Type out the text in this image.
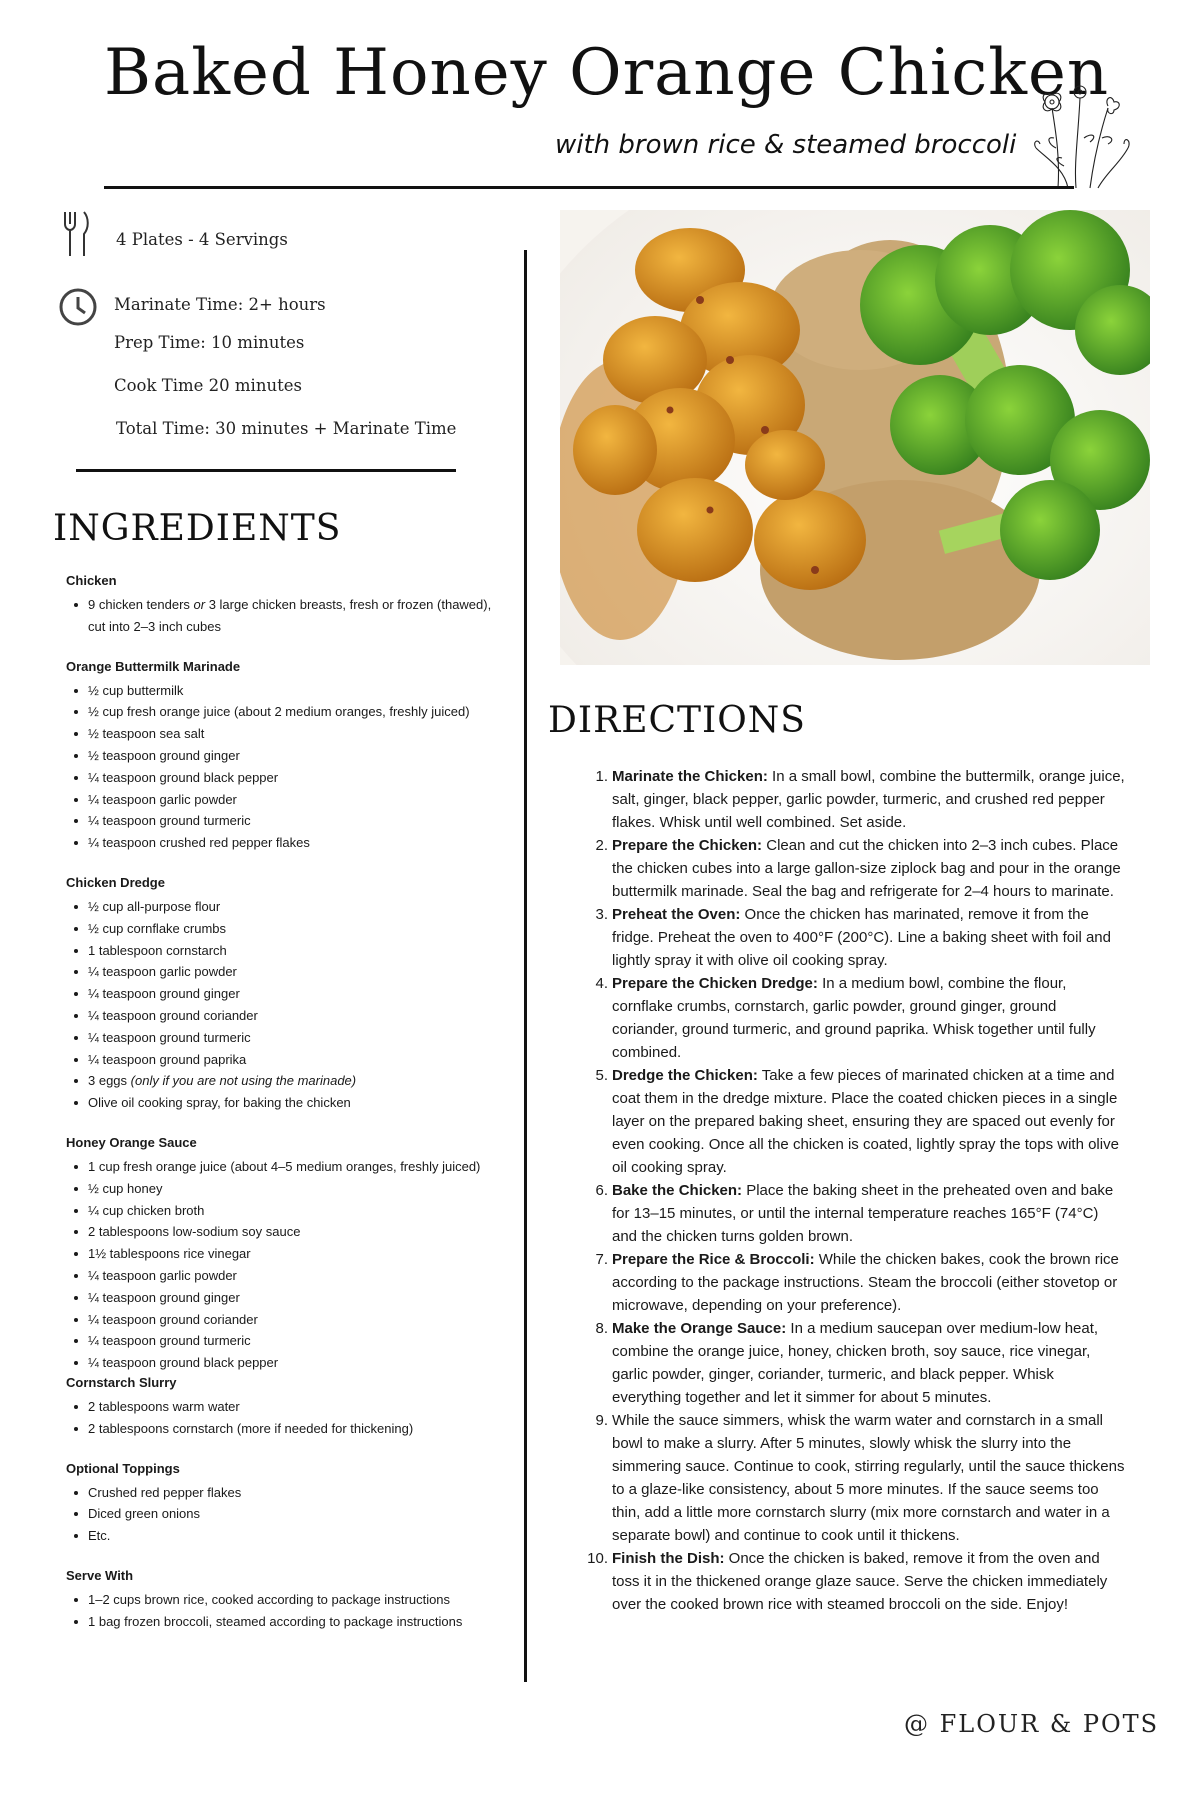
Baked Honey Orange Chicken
with brown rice & steamed broccoli
4 Plates - 4 Servings
Marinate Time: 2+ hours
Prep Time: 10 minutes
Cook Time 20 minutes
Total Time: 30 minutes + Marinate Time
INGREDIENTS
Chicken
9 chicken tenders or 3 large chicken breasts, fresh or frozen (thawed), cut into 2–3 inch cubes
Orange Buttermilk Marinade
½ cup buttermilk
½ cup fresh orange juice (about 2 medium oranges, freshly juiced)
½ teaspoon sea salt
½ teaspoon ground ginger
¼ teaspoon ground black pepper
¼ teaspoon garlic powder
¼ teaspoon ground turmeric
¼ teaspoon crushed red pepper flakes
Chicken Dredge
½ cup all-purpose flour
½ cup cornflake crumbs
1 tablespoon cornstarch
¼ teaspoon garlic powder
¼ teaspoon ground ginger
¼ teaspoon ground coriander
¼ teaspoon ground turmeric
¼ teaspoon ground paprika
3 eggs (only if you are not using the marinade)
Olive oil cooking spray, for baking the chicken
Honey Orange Sauce
1 cup fresh orange juice (about 4–5 medium oranges, freshly juiced)
½ cup honey
¼ cup chicken broth
2 tablespoons low-sodium soy sauce
1½ tablespoons rice vinegar
¼ teaspoon garlic powder
¼ teaspoon ground ginger
¼ teaspoon ground coriander
¼ teaspoon ground turmeric
¼ teaspoon ground black pepper
Cornstarch Slurry
2 tablespoons warm water
2 tablespoons cornstarch (more if needed for thickening)
Optional Toppings
Crushed red pepper flakes
Diced green onions
Etc.
Serve With
1–2 cups brown rice, cooked according to package instructions
1 bag frozen broccoli, steamed according to package instructions
DIRECTIONS
1. Marinate the Chicken: In a small bowl, combine the buttermilk, orange juice, salt, ginger, black pepper, garlic powder, turmeric, and crushed red pepper flakes. Whisk until well combined. Set aside.
2. Prepare the Chicken: Clean and cut the chicken into 2–3 inch cubes. Place the chicken cubes into a large gallon-size ziplock bag and pour in the orange buttermilk marinade. Seal the bag and refrigerate for 2–4 hours to marinate.
3. Preheat the Oven: Once the chicken has marinated, remove it from the fridge. Preheat the oven to 400°F (200°C). Line a baking sheet with foil and lightly spray it with olive oil cooking spray.
4. Prepare the Chicken Dredge: In a medium bowl, combine the flour, cornflake crumbs, cornstarch, garlic powder, ground ginger, ground coriander, ground turmeric, and ground paprika. Whisk together until fully combined.
5. Dredge the Chicken: Take a few pieces of marinated chicken at a time and coat them in the dredge mixture. Place the coated chicken pieces in a single layer on the prepared baking sheet, ensuring they are spaced out evenly for even cooking. Once all the chicken is coated, lightly spray the tops with olive oil cooking spray.
6. Bake the Chicken: Place the baking sheet in the preheated oven and bake for 13–15 minutes, or until the internal temperature reaches 165°F (74°C) and the chicken turns golden brown.
7. Prepare the Rice & Broccoli: While the chicken bakes, cook the brown rice according to the package instructions. Steam the broccoli (either stovetop or microwave, depending on your preference).
8. Make the Orange Sauce: In a medium saucepan over medium-low heat, combine the orange juice, honey, chicken broth, soy sauce, rice vinegar, garlic powder, ginger, coriander, turmeric, and black pepper. Whisk everything together and let it simmer for about 5 minutes.
9. While the sauce simmers, whisk the warm water and cornstarch in a small bowl to make a slurry. After 5 minutes, slowly whisk the slurry into the simmering sauce. Continue to cook, stirring regularly, until the sauce thickens to a glaze-like consistency, about 5 more minutes. If the sauce seems too thin, add a little more cornstarch slurry (mix more cornstarch and water in a separate bowl) and continue to cook until it thickens.
10. Finish the Dish: Once the chicken is baked, remove it from the oven and toss it in the thickened orange glaze sauce. Serve the chicken immediately over the cooked brown rice with steamed broccoli on the side. Enjoy!
@ FLOUR & POTS
